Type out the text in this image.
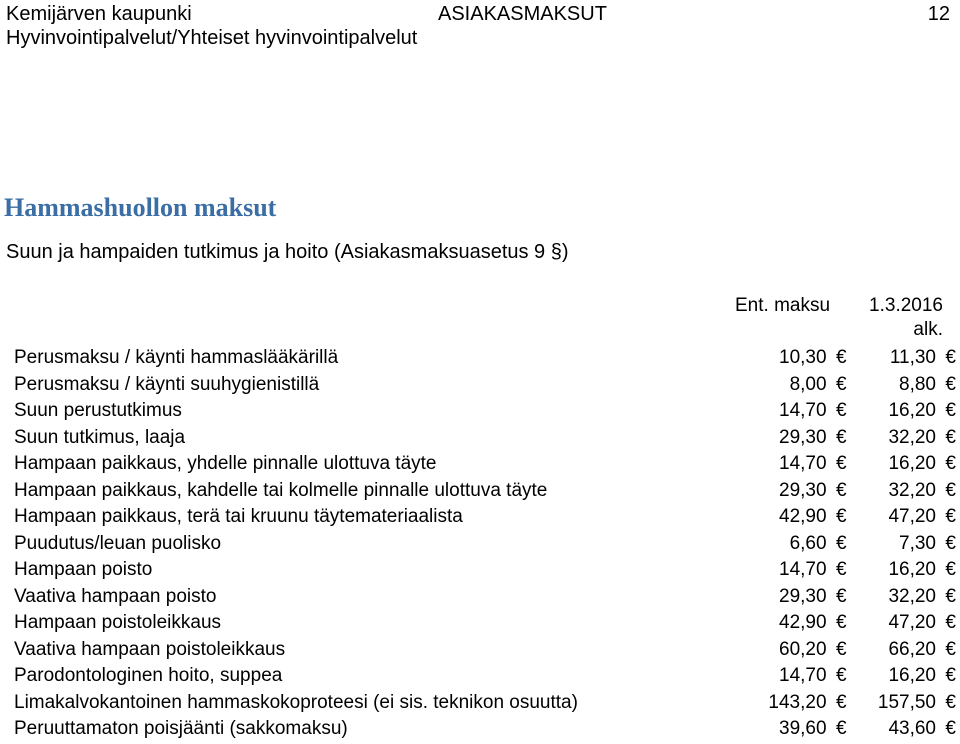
Kemijärven kaupunki
Hyvinvointipalvelut/Yhteiset hyvinvointipalvelut
ASIAKASMAKSUT	12
Hammashuollon maksut
Suun ja hampaiden tutkimus ja hoito (Asiakasmaksuasetus 9 §)
Ent. maksu	1.3.2016
alk.
Perusmaksu / käynti hammaslääkärillä	10,30 €	11,30 €
Perusmaksu / käynti suuhygienistillä	8,00 €	8,80 €
Suun perustutkimus	14,70 €	16,20 €
Suun tutkimus, laaja	29,30 €	32,20 €
Hampaan paikkaus, yhdelle pinnalle ulottuva täyte	14,70 €	16,20 €
Hampaan paikkaus, kahdelle tai kolmelle pinnalle ulottuva täyte	29,30 €	32,20 €
Hampaan paikkaus, terä tai kruunu täytemateriaalista	42,90 €	47,20 €
Puudutus/leuan puolisko	6,60 €	7,30 €
Hampaan poisto	14,70 €	16,20 €
Vaativa hampaan poisto	29,30 €	32,20 €
Hampaan poistoleikkaus	42,90 €	47,20 €
Vaativa hampaan poistoleikkaus	60,20 €	66,20 €
Parodontologinen hoito, suppea	14,70 €	16,20 €
Limakalvokantoinen hammaskokoproteesi (ei sis. teknikon osuutta)	143,20 €	157,50 €
Peruuttamaton poisjäänti (sakkomaksu)	39,60 €	43,60 €
